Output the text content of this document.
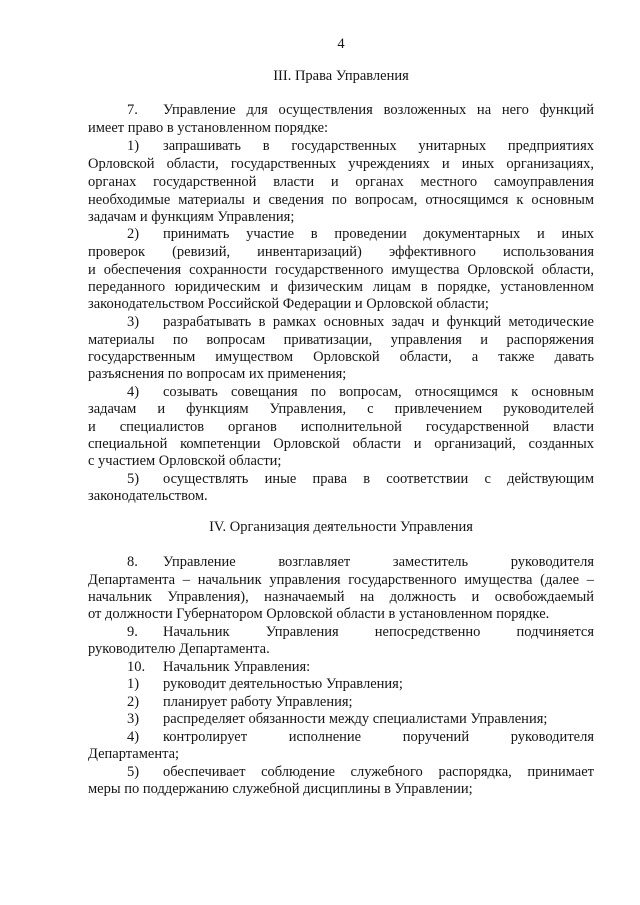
4
III. Права Управления
7.	Управление для осуществления возложенных на него функций
имеет право в установленном порядке:
1)	запрашивать в государственных унитарных предприятиях
Орловской области, государственных учреждениях и иных организациях,
органах государственной власти и органах местного самоуправления
необходимые материалы и сведения по вопросам, относящимся к основным
задачам и функциям Управления;
2)	принимать участие в проведении документарных и иных
проверок (ревизий, инвентаризаций) эффективного использования
и обеспечения сохранности государственного имущества Орловской области,
переданного юридическим и физическим лицам в порядке, установленном
законодательством Российской Федерации и Орловской области;
3)	разрабатывать в рамках основных задач и функций методические
материалы по вопросам приватизации, управления и распоряжения
государственным имуществом Орловской области, а также давать
разъяснения по вопросам их применения;
4)	созывать совещания по вопросам, относящимся к основным
задачам и функциям Управления, с привлечением руководителей
и специалистов органов исполнительной государственной власти
специальной компетенции Орловской области и организаций, созданных
с участием Орловской области;
5)	осуществлять иные права в соответствии с действующим
законодательством.
IV. Организация деятельности Управления
8.	Управление возглавляет заместитель руководителя
Департамента – начальник управления государственного имущества (далее –
начальник Управления), назначаемый на должность и освобождаемый
от должности Губернатором Орловской области в установленном порядке.
9.	Начальник Управления непосредственно подчиняется
руководителю Департамента.
10.	Начальник Управления:
1)	руководит деятельностью Управления;
2)	планирует работу Управления;
3)	распределяет обязанности между специалистами Управления;
4)	контролирует исполнение поручений руководителя
Департамента;
5)	обеспечивает соблюдение служебного распорядка, принимает
меры по поддержанию служебной дисциплины в Управлении;
